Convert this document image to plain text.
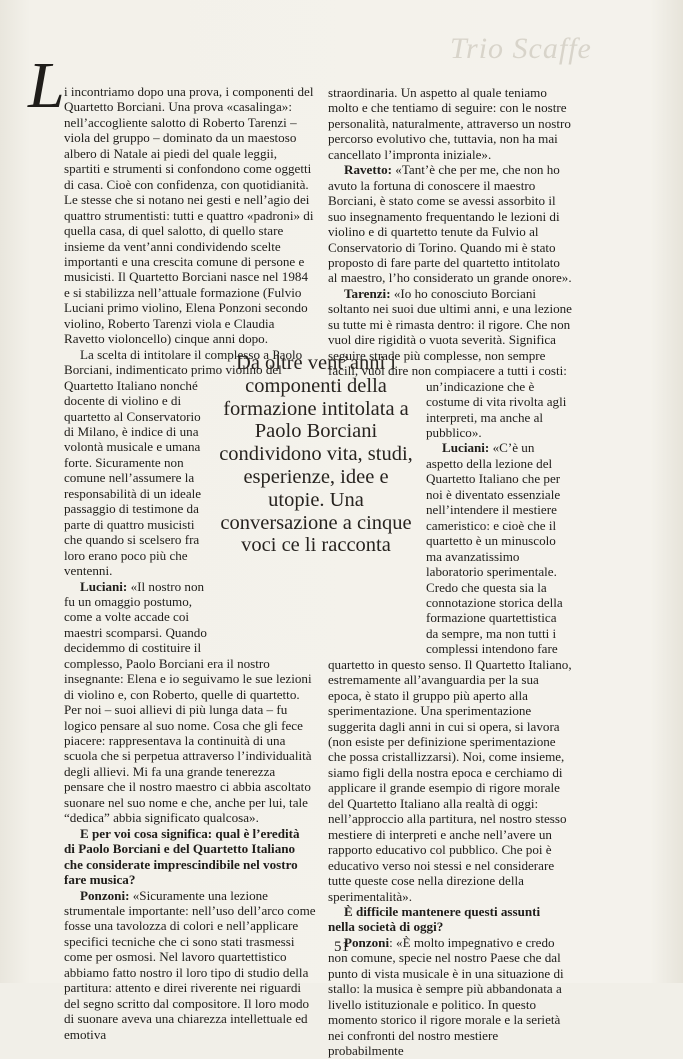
Trio Scaffe
L i incontriamo dopo una prova, i componenti del Quartetto Borciani. Una prova «casalinga»: nell’accogliente salotto di Roberto Tarenzi – viola del gruppo – dominato da un maestoso albero di Natale ai piedi del quale leggii, spartiti e strumenti si confondono come oggetti di casa. Cioè con confidenza, con quotidianità. Le stesse che si notano nei gesti e nell’agio dei quattro strumentisti: tutti e quattro «padroni» di quella casa, di quel salotto, di quello stare insieme da vent’anni condividendo scelte importanti e una crescita comune di persone e musicisti. Il Quartetto Borciani nasce nel 1984 e si stabilizza nell’attuale formazione (Fulvio Luciani primo violino, Elena Ponzoni secondo violino, Roberto Tarenzi viola e Claudia Ravetto violoncello) cinque anni dopo.

La scelta di intitolare il complesso a Paolo Borciani, indimenticato primo violino del Quartetto Italiano nonché

docente di violino e di quartetto al Conservatorio di Milano, è indice di una volontà musicale e umana forte. Sicuramente non comune nell’assumere la responsabilità di un ideale passaggio di testimone da parte di quattro musicisti che quando si scelsero fra loro erano poco più che ventenni.

Luciani: «Il nostro non fu un omaggio postumo, come a volte accade coi maestri scomparsi. Quando decidemmo di costituire il

complesso, Paolo Borciani era il nostro insegnante: Elena e io seguivamo le sue lezioni di violino e, con Roberto, quelle di quartetto. Per noi – suoi allievi di più lunga data – fu logico pensare al suo nome. Cosa che gli fece piacere: rappresentava la continuità di una scuola che si perpetua attraverso l’individualità degli allievi. Mi fa una grande tenerezza pensare che il nostro maestro ci abbia ascoltato suonare nel suo nome e che, anche per lui, tale “dedica” abbia significato qualcosa».

E per voi cosa significa: qual è l’eredità di Paolo Borciani e del Quartetto Italiano che considerate imprescindibile nel vostro fare musica?

Ponzoni: «Sicuramente una lezione strumentale importante: nell’uso dell’arco come fosse una tavolozza di colori e nell’applicare specifici tecniche che ci sono stati trasmessi come per osmosi. Nel lavoro quartettistico abbiamo fatto nostro il loro tipo di studio della partitura: attento e direi riverente nei riguardi del segno scritto dal compositore. Il loro modo di suonare aveva una chiarezza intellettuale ed emotiva

straordinaria. Un aspetto al quale teniamo molto e che tentiamo di seguire: con le nostre personalità, naturalmente, attraverso un nostro percorso evolutivo che, tuttavia, non ha mai cancellato l’impronta iniziale».

Ravetto: «Tant’è che per me, che non ho avuto la fortuna di conoscere il maestro Borciani, è stato come se avessi assorbito il suo insegnamento frequentando le lezioni di violino e di quartetto tenute da Fulvio al Conservatorio di Torino. Quando mi è stato proposto di fare parte del quartetto intitolato al maestro, l’ho considerato un grande onore».

Tarenzi: «Io ho conosciuto Borciani soltanto nei suoi due ultimi anni, e una lezione su tutte mi è rimasta dentro: il rigore. Che non vuol dire rigidità o vuota severità. Significa seguire strade più complesse, non sempre facili, vuol dire non compiacere a tutti i costi:

un’indicazione che è costume di vita rivolta agli interpreti, ma anche al pubblico».

Luciani: «C’è un aspetto della lezione del Quartetto Italiano che per noi è diventato essenziale nell’intendere il mestiere cameristico: e cioè che il quartetto è un minuscolo ma avanzatissimo laboratorio sperimentale. Credo che questa sia la connotazione storica della formazione quartettistica da sempre, ma non tutti i complessi intendono fare

quartetto in questo senso. Il Quartetto Italiano, estremamente all’avanguardia per la sua epoca, è stato il gruppo più aperto alla sperimentazione. Una sperimentazione suggerita dagli anni in cui si opera, si lavora (non esiste per definizione sperimentazione che possa cristallizzarsi). Noi, come insieme, siamo figli della nostra epoca e cerchiamo di applicare il grande esempio di rigore morale del Quartetto Italiano alla realtà di oggi: nell’approccio alla partitura, nel nostro stesso mestiere di interpreti e anche nell’avere un rapporto educativo col pubblico. Che poi è educativo verso noi stessi e nel considerare tutte queste cose nella direzione della sperimentalità».

È difficile mantenere questi assunti nella società di oggi?

Ponzoni: «È molto impegnativo e credo non comune, specie nel nostro Paese che dal punto di vista musicale è in una situazione di stallo: la musica è sempre più abbandonata a livello istituzionale e politico. In questo momento storico il rigore morale e la serietà nei confronti del nostro mestiere probabilmente

Da oltre vent’anni i componenti della formazione intitolata a Paolo Borciani condividono vita, studi, esperienze, idee e utopie. Una conversazione a cinque voci ce li racconta
51
